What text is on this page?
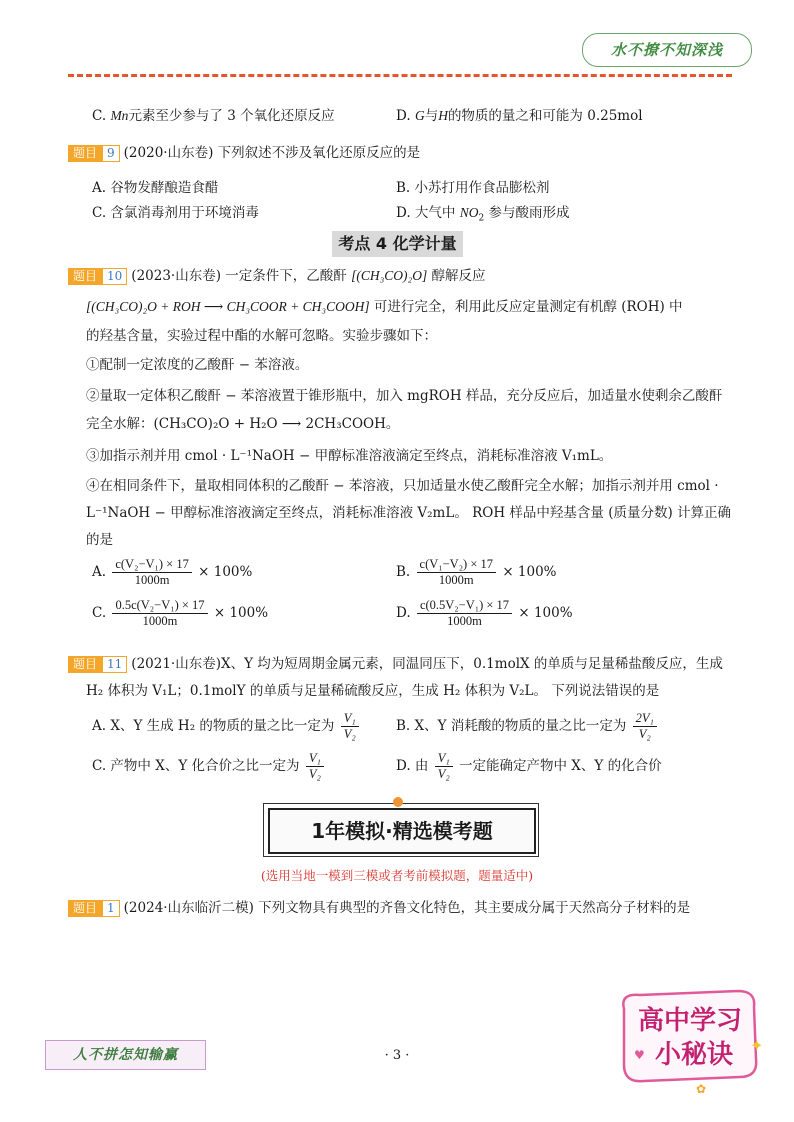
水不撩不知深浅
C. Mn元素至少参与了 3 个氧化还原反应	D. G与H的物质的量之和可能为 0.25mol
题目 9 (2020·山东卷) 下列叙述不涉及氧化还原反应的是
A. 谷物发酵酿造食醋	B. 小苏打用作食品膨松剂
C. 含氯消毒剂用于环境消毒	D. 大气中 $NO_2$ 参与酸雨形成
考点 4 化学计量
题目 10 (2023·山东卷) 一定条件下，乙酸酐 [(CH₃CO)₂O] 醇解反应
[(CH₃CO)₂O + ROH ⟶ CH₃COOR + CH₃COOH] 可进行完全，利用此反应定量测定有机醇 (ROH) 中
的羟基含量，实验过程中酯的水解可忽略。实验步骤如下：
①配制一定浓度的乙酸酐 − 苯溶液。
②量取一定体积乙酸酐 − 苯溶液置于锥形瓶中，加入 mgROH 样品，充分反应后，加适量水使剩余乙酸酐
完全水解：(CH₃CO)₂O + H₂O ⟶ 2CH₃COOH。
③加指示剂并用 cmol · L⁻¹NaOH − 甲醇标准溶液滴定至终点，消耗标准溶液 V₁mL。
④在相同条件下，量取相同体积的乙酸酐 − 苯溶液，只加适量水使乙酸酐完全水解；加指示剂并用 cmol ·
L⁻¹NaOH − 甲醇标准溶液滴定至终点，消耗标准溶液 V₂mL。 ROH 样品中羟基含量 (质量分数) 计算正确
的是
A. $\frac{\text{c(V₂−V₁) × 17}}{1000m} \times 100\%$	B. $\frac{\text{c(V₁−V₂) × 17}}{1000m} \times 100\%$
C. $\frac{\text{0.5c(V₂−V₁) × 17}}{1000m} \times 100\%$	D. $\frac{\text{c(0.5V₂−V₁) × 17}}{1000m} \times 100\%$
题目 11 (2021·山东卷)X、Y 均为短周期金属元素，同温同压下，0.1molX 的单质与足量稀盐酸反应，生成
H₂ 体积为 V₁L；0.1molY 的单质与足量稀硫酸反应，生成 H₂ 体积为 V₂L。 下列说法错误的是
A. X、Y 生成 H₂ 的物质的量之比一定为 $\frac{\text{V₁}}{\text{V₂}}$	B. X、Y 消耗酸的物质的量之比一定为 $\frac{\text{2V₁}}{\text{V₂}}$
C. 产物中 X、Y 化合价之比一定为 $\frac{\text{V₁}}{\text{V₂}}$	D. 由 $\frac{\text{V₁}}{\text{V₂}}$ 一定能确定产物中 X、Y 的化合价
1年模拟·精选模考题
(选用当地一模到三模或者考前模拟题，题量适中)
题目 1 (2024·山东临沂二模) 下列文物具有典型的齐鲁文化特色，其主要成分属于天然高分子材料的是
人不拼怎知输赢	· 3 ·
高中学习
小秘诀 ✦
♥
✿
